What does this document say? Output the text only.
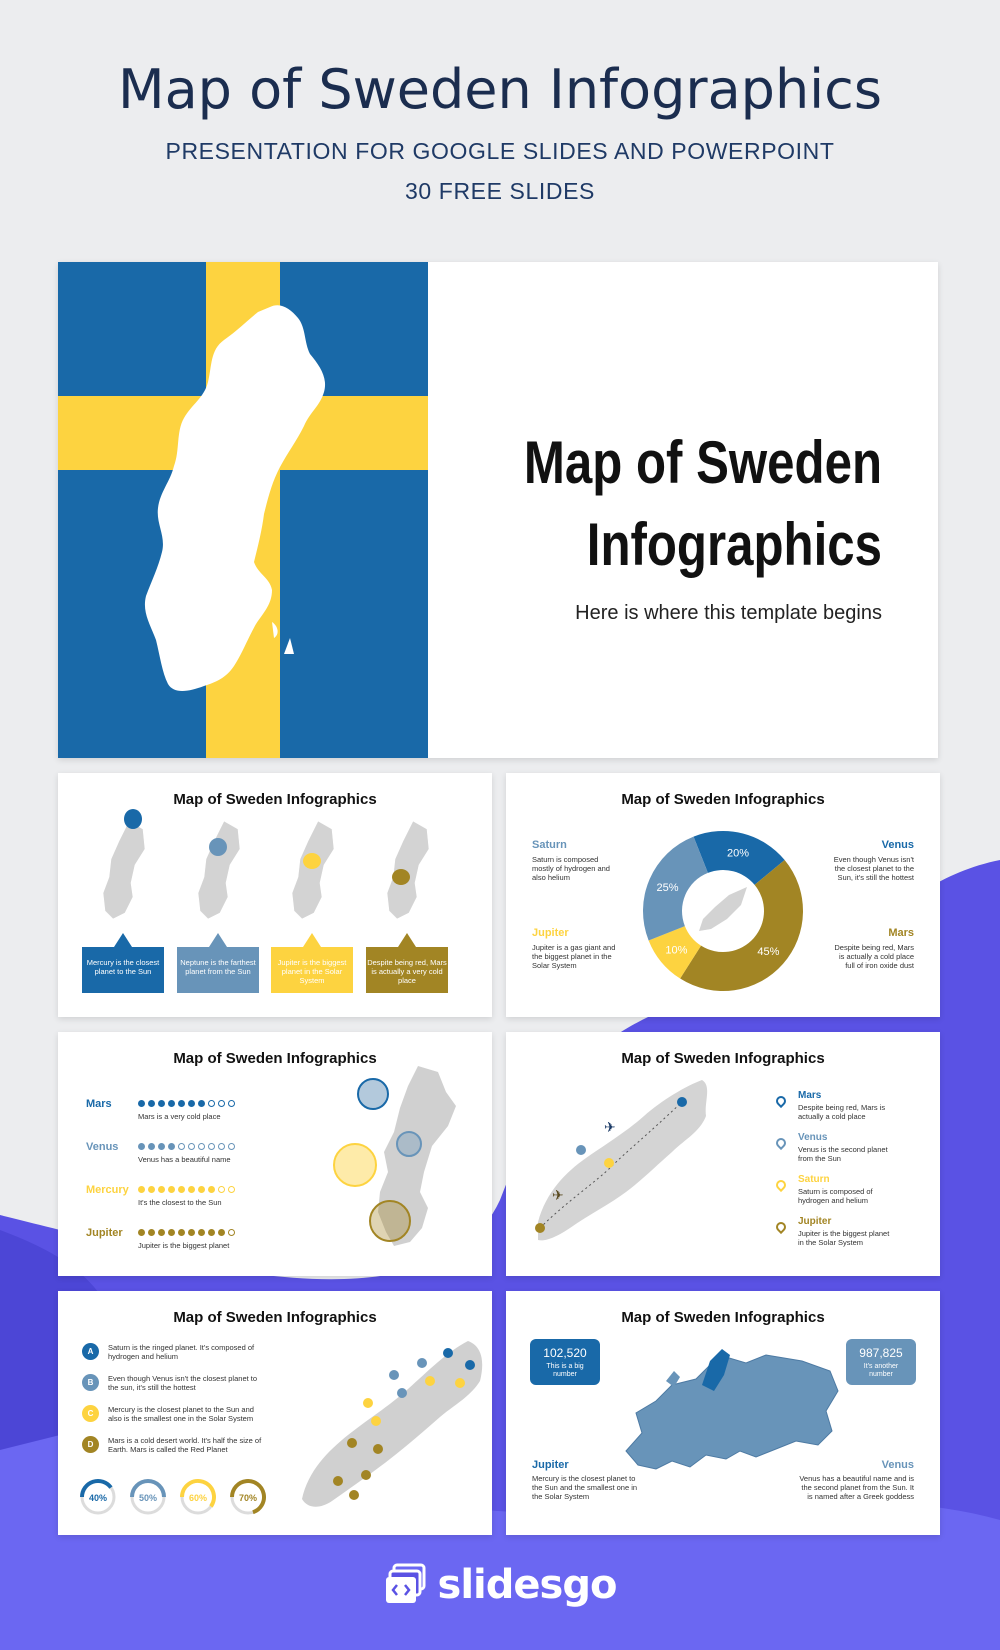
Map of Sweden Infographics
PRESENTATION FOR GOOGLE SLIDES AND POWERPOINT
30 FREE SLIDES
Map of Sweden
Infographics
Here is where this template begins
Map of Sweden Infographics
Mercury is the closest planet to the Sun
Neptune is the farthest planet from the Sun
Jupiter is the biggest planet in the Solar System
Despite being red, Mars is actually a very cold place
Map of Sweden Infographics
20%
45%
10%
25%
Saturn
Saturn is composed mostly of hydrogen and also helium
Jupiter
Jupiter is a gas giant and the biggest planet in the Solar System
Venus
Even though Venus isn't the closest planet to the Sun, it's still the hottest
Mars
Despite being red, Mars is actually a cold place full of iron oxide dust
Map of Sweden Infographics
Mars
Mars is a very cold place
Venus
Venus has a beautiful name
Mercury
It's the closest to the Sun
Jupiter
Jupiter is the biggest planet
Map of Sweden Infographics
✈
✈
Mars
Despite being red, Mars is
actually a cold place
Venus
Venus is the second planet
from the Sun
Saturn
Saturn is composed of
hydrogen and helium
Jupiter
Jupiter is the biggest planet
in the Solar System
Map of Sweden Infographics
A	Saturn is the ringed planet. It's composed of
hydrogen and helium
B	Even though Venus isn't the closest planet to
the sun, it's still the hottest
C	Mercury is the closest planet to the Sun and
also is the smallest one in the Solar System
D	Mars is a cold desert world. It's half the size of
Earth. Mars is called the Red Planet
40%	50%	60%	70%
Map of Sweden Infographics
102,520
This is a big
number
987,825
It's another
number
Jupiter
Mercury is the closest planet to
the Sun and the smallest one in
the Solar System
Venus
Venus has a beautiful name and is
the second planet from the Sun. It
is named after a Greek goddess
slidesgo
